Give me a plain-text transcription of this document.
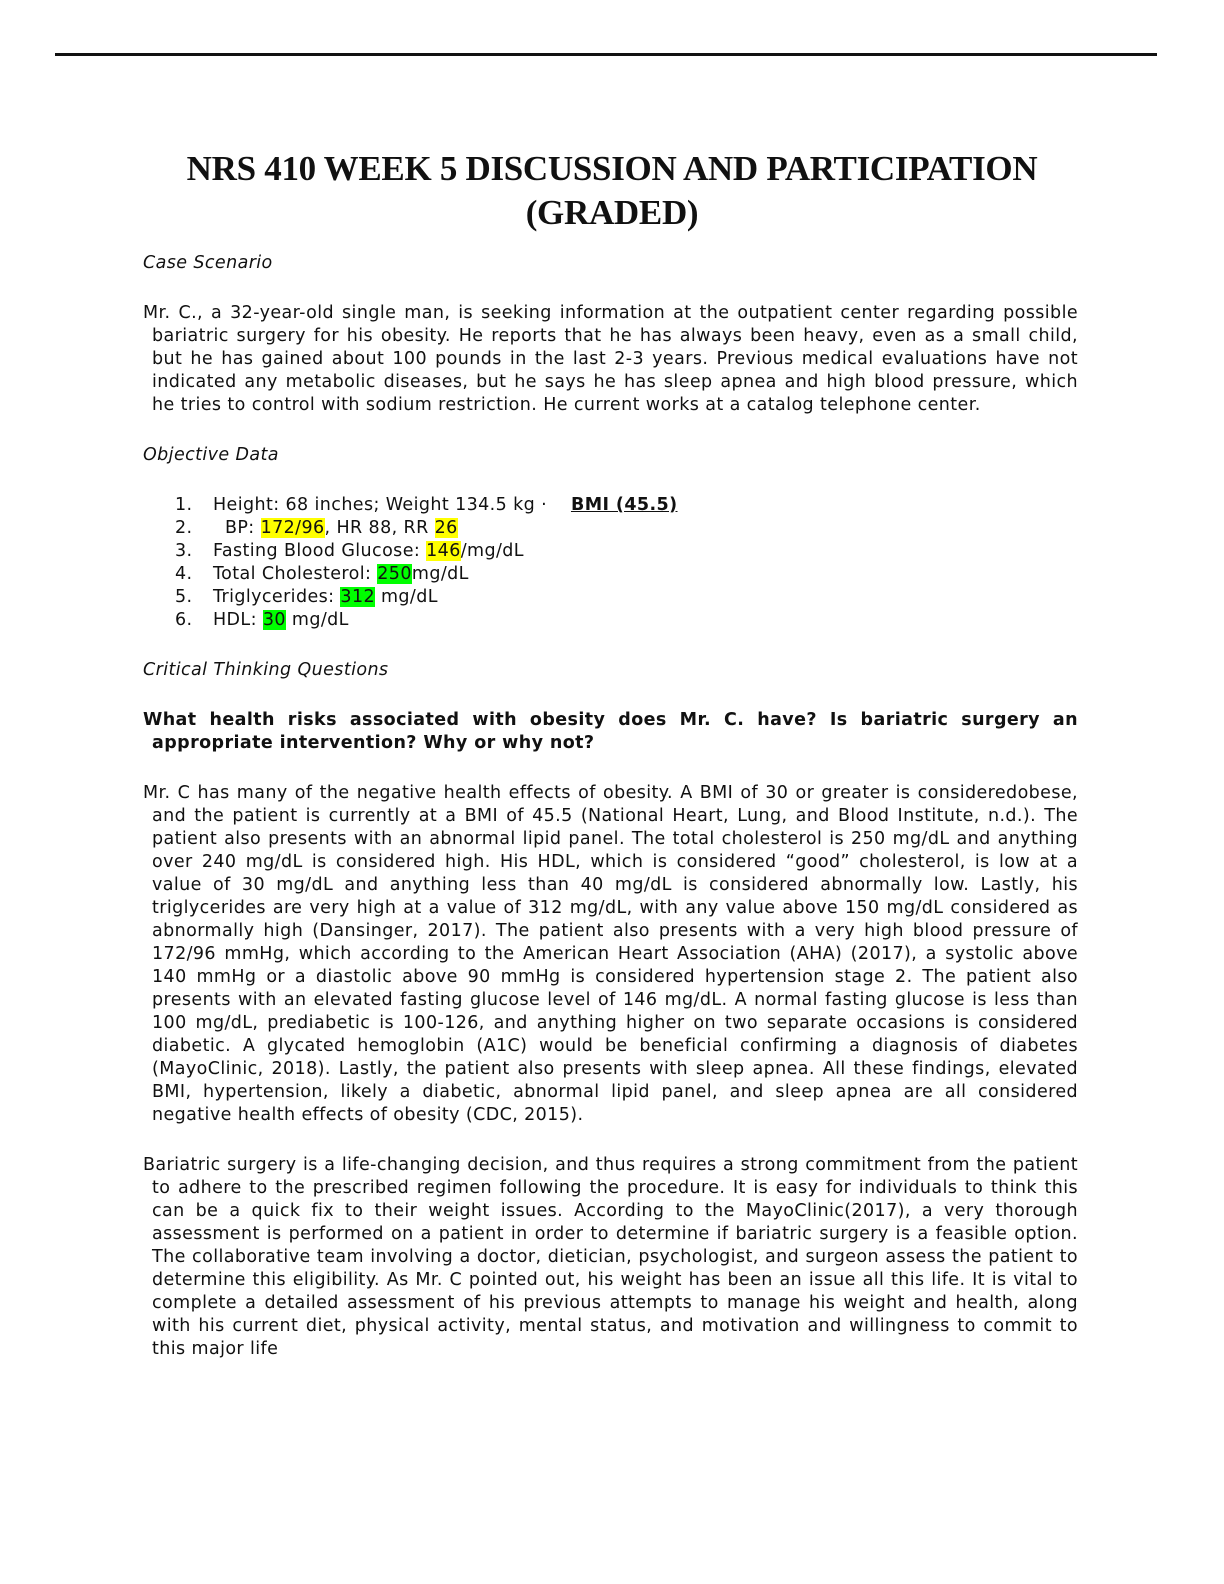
NRS 410 WEEK 5 DISCUSSION AND PARTICIPATION
(GRADED)

Case Scenario

Mr. C., a 32-year-old single man, is seeking information at the outpatient center regarding possible bariatric surgery for his obesity. He reports that he has always been heavy, even as a small child, but he has gained about 100 pounds in the last 2-3 years. Previous medical evaluations have not indicated any metabolic diseases, but he says he has sleep apnea and high blood pressure, which he tries to control with sodium restriction. He current works at a catalog telephone center.

Objective Data

1.	Height: 68 inches; Weight 134.5 kg · BMI (45.5)
2.	BP: 172/96, HR 88, RR 26
3.	Fasting Blood Glucose: 146/mg/dL
4.	Total Cholesterol: 250mg/dL
5.	Triglycerides: 312 mg/dL
6.	HDL: 30 mg/dL

Critical Thinking Questions

What health risks associated with obesity does Mr. C. have? Is bariatric surgery an appropriate intervention? Why or why not?

Mr. C has many of the negative health effects of obesity. A BMI of 30 or greater is consideredobese, and the patient is currently at a BMI of 45.5 (National Heart, Lung, and Blood Institute, n.d.). The patient also presents with an abnormal lipid panel. The total cholesterol is 250 mg/dL and anything over 240 mg/dL is considered high. His HDL, which is considered “good” cholesterol, is low at a value of 30 mg/dL and anything less than 40 mg/dL is considered abnormally low. Lastly, his triglycerides are very high at a value of 312 mg/dL, with any value above 150 mg/dL considered as abnormally high (Dansinger, 2017). The patient also presents with a very high blood pressure of 172/96 mmHg, which according to the American Heart Association (AHA) (2017), a systolic above 140 mmHg or a diastolic above 90 mmHg is considered hypertension stage 2. The patient also presents with an elevated fasting glucose level of 146 mg/dL. A normal fasting glucose is less than 100 mg/dL, prediabetic is 100-126, and anything higher on two separate occasions is considered diabetic. A glycated hemoglobin (A1C) would be beneficial confirming a diagnosis of diabetes (MayoClinic, 2018). Lastly, the patient also presents with sleep apnea. All these findings, elevated BMI, hypertension, likely a diabetic, abnormal lipid panel, and sleep apnea are all considered negative health effects of obesity (CDC, 2015).

Bariatric surgery is a life-changing decision, and thus requires a strong commitment from the patient to adhere to the prescribed regimen following the procedure. It is easy for individuals to think this can be a quick fix to their weight issues. According to the MayoClinic(2017), a very thorough assessment is performed on a patient in order to determine if bariatric surgery is a feasible option. The collaborative team involving a doctor, dietician, psychologist, and surgeon assess the patient to determine this eligibility. As Mr. C pointed out, his weight has been an issue all this life. It is vital to complete a detailed assessment of his previous attempts to manage his weight and health, along with his current diet, physical activity, mental status, and motivation and willingness to commit to this major life
